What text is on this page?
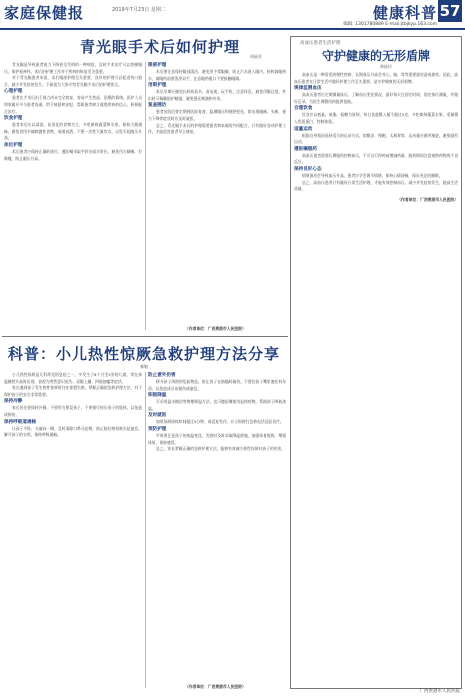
家庭保健报	2019年7月23日 星期二	健康科普 57
编辑: 1301780889 E-mail:jtbjkyp.163.com
青光眼手术后如何护理
周丽芳

青光眼是导致患者视力下降甚至失明的一种病症，及时手术治疗可以控制眼压，保护视神经。术后的护理工作对于疾病的恢复至关重要。

对于青光眼患者来说，术后眼部护理至关重要，良好的护理可以促进伤口愈合，减少并发症的发生。下面就为大家介绍青光眼手术后的护理要点。

心理护理

患者在手术后由于视力尚未完全恢复，容易产生焦虑、恐惧的情绪。医护人员和家属应多与患者沟通，给予鼓励和安慰，帮助患者树立战胜疾病的信心，积极配合治疗。

饮食护理

患者术后应以清淡、易消化的食物为主，多吃新鲜蔬菜和水果，保持大便通畅。避免食用辛辣刺激性食物，戒烟戒酒。不要一次性大量饮水，以免引起眼压升高。

体位护理

术后患者应保持正确的体位，遵医嘱采取平卧位或半卧位，避免用力咳嗽、打喷嚏，防止眼压升高。

眼部护理

术后要注意保持眼部清洁，避免用手揉眼睛，防止污水进入眼内。按时滴眼药水，滴眼药前要洗净双手，注意眼药瓶口不要接触眼睛。

用眼护理

术后早期应避免长时间看书、看电视、玩手机，注意休息，避免用眼过度。外出时可佩戴防护眼镜，避免强光刺激和外伤。

复查随访

患者出院后要定期到医院复查，监测眼压和视野变化，如出现眼痛、头痛、视力下降等症状时应及时就医。

总之，青光眼手术后的护理需要患者和家属的共同配合，只有做好各项护理工作，才能促进患者早日康复。

（作者单位：广西贵港市人民医院）
高血压患者生活护理
守护健康的无形盾牌
黄桂玲

高血压是一种常见的慢性疾病，长期血压升高会对心、脑、肾等重要器官造成损害。因此，高血压患者在日常生活中做好护理工作至关重要，是守护健康的无形盾牌。

规律监测血压

高血压患者应定期测量血压，了解血压变化情况，最好每天在固定时间、固定体位测量，并做好记录，为医生调整用药提供依据。

合理饮食

饮食应以低盐、低脂、低糖为原则，每日食盐摄入量不超过5克，多吃新鲜蔬菜水果，适量摄入优质蛋白，控制体重。

适量运动

根据自身情况选择适合的运动方式，如散步、慢跑、太极拳等，运动量应循序渐进，避免剧烈运动。

遵医嘱服药

高血压患者需要长期服药控制血压，不可自行停药或增减药量，服药期间注意观察药物的不良反应。

保持良好心态

情绪波动会导致血压升高，患者应学会调节情绪，保持心情舒畅，保证充足的睡眠。

总之，高血压患者只有做好日常生活护理，才能有效控制血压，减少并发症的发生，提高生活质量。

（作者单位：广西贵港市人民医院）
科普：小儿热性惊厥急救护理方法分享
黎敏

小儿热性惊厥是儿科常见的急症之一，多发生于6个月至5岁的儿童，常在体温骤然升高时出现，表现为突然意识丧失、双眼上翻、四肢抽搐等症状。

家长遇到孩子发生热性惊厥时往往惊慌失措，掌握正确的急救护理方法，对于保护孩子的安全非常重要。

保持冷静

家长首先要保持冷静，不要用力摇晃孩子，不要强行按压孩子的肢体，以免造成损伤。

保持呼吸道通畅

让孩子平卧，头偏向一侧，及时清除口鼻分泌物，防止呕吐物误吸引起窒息。解开孩子的衣领，保持呼吸通畅。

防止意外伤害

移开孩子周围的危险物品，防止孩子在抽搐时碰伤。不要往孩子嘴里塞任何东西，以免造成牙齿损伤或窒息。

积极降温

可采用温水擦浴等物理降温方法，也可遵医嘱使用退热药物，帮助孩子降低体温。

及时就医

如果惊厥持续时间超过5分钟，或反复发作，应立即拨打急救电话送医治疗。

预防护理

平时要注意孩子的体温变化，发热时及时采取降温措施，加强体育锻炼，增强体质，预防感冒。

总之，家长掌握正确的急救护理方法，能够有效减少热性惊厥对孩子的伤害。

（作者单位：广西贵港市人民医院）
广西贵港市人民医院
